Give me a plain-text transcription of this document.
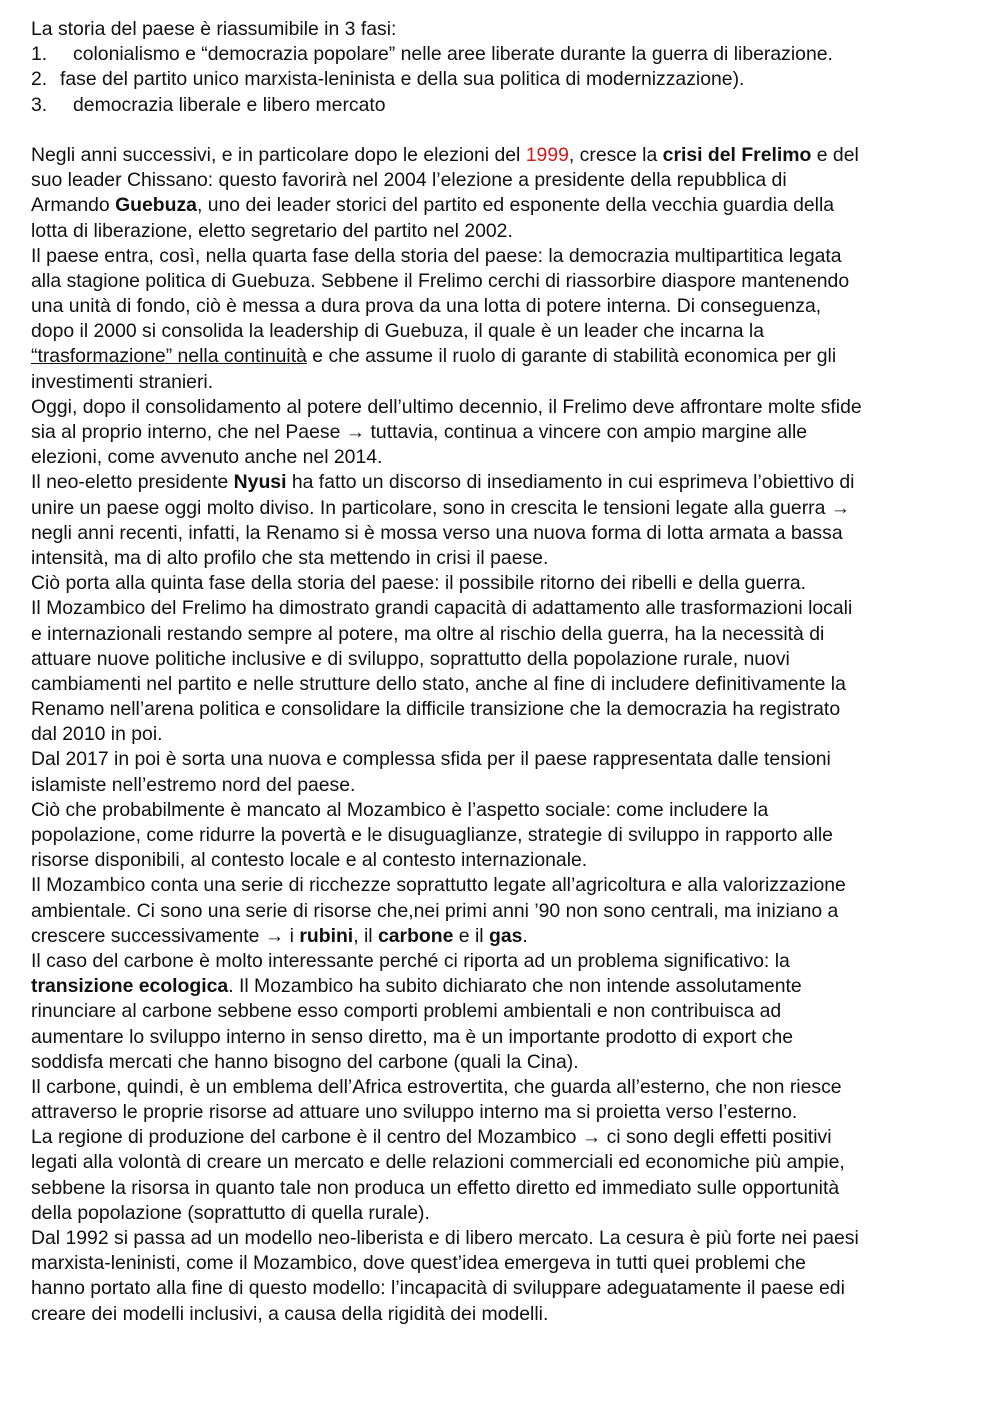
La storia del paese è riassumibile in 3 fasi:
1. colonialismo e “democrazia popolare” nelle aree liberate durante la guerra di liberazione.
2. fase del partito unico marxista-leninista e della sua politica di modernizzazione).
3. democrazia liberale e libero mercato
Negli anni successivi, e in particolare dopo le elezioni del 1999, cresce la crisi del Frelimo e del
suo leader Chissano: questo favorirà nel 2004 l’elezione a presidente della repubblica di
Armando Guebuza, uno dei leader storici del partito ed esponente della vecchia guardia della
lotta di liberazione, eletto segretario del partito nel 2002.
Il paese entra, così, nella quarta fase della storia del paese: la democrazia multipartitica legata
alla stagione politica di Guebuza. Sebbene il Frelimo cerchi di riassorbire diaspore mantenendo
una unità di fondo, ciò è messa a dura prova da una lotta di potere interna. Di conseguenza,
dopo il 2000 si consolida la leadership di Guebuza, il quale è un leader che incarna la
“trasformazione” nella continuità e che assume il ruolo di garante di stabilità economica per gli
investimenti stranieri.
Oggi, dopo il consolidamento al potere dell’ultimo decennio, il Frelimo deve affrontare molte sfide
sia al proprio interno, che nel Paese → tuttavia, continua a vincere con ampio margine alle
elezioni, come avvenuto anche nel 2014.
Il neo-eletto presidente Nyusi ha fatto un discorso di insediamento in cui esprimeva l’obiettivo di
unire un paese oggi molto diviso. In particolare, sono in crescita le tensioni legate alla guerra →
negli anni recenti, infatti, la Renamo si è mossa verso una nuova forma di lotta armata a bassa
intensità, ma di alto profilo che sta mettendo in crisi il paese.
Ciò porta alla quinta fase della storia del paese: il possibile ritorno dei ribelli e della guerra.
Il Mozambico del Frelimo ha dimostrato grandi capacità di adattamento alle trasformazioni locali
e internazionali restando sempre al potere, ma oltre al rischio della guerra, ha la necessità di
attuare nuove politiche inclusive e di sviluppo, soprattutto della popolazione rurale, nuovi
cambiamenti nel partito e nelle strutture dello stato, anche al fine di includere definitivamente la
Renamo nell’arena politica e consolidare la difficile transizione che la democrazia ha registrato
dal 2010 in poi.
Dal 2017 in poi è sorta una nuova e complessa sfida per il paese rappresentata dalle tensioni
islamiste nell’estremo nord del paese.
Ciò che probabilmente è mancato al Mozambico è l’aspetto sociale: come includere la
popolazione, come ridurre la povertà e le disuguaglianze, strategie di sviluppo in rapporto alle
risorse disponibili, al contesto locale e al contesto internazionale.
Il Mozambico conta una serie di ricchezze soprattutto legate all’agricoltura e alla valorizzazione
ambientale. Ci sono una serie di risorse che,nei primi anni ’90 non sono centrali, ma iniziano a
crescere successivamente → i rubini, il carbone e il gas.
Il caso del carbone è molto interessante perché ci riporta ad un problema significativo: la
transizione ecologica. Il Mozambico ha subito dichiarato che non intende assolutamente
rinunciare al carbone sebbene esso comporti problemi ambientali e non contribuisca ad
aumentare lo sviluppo interno in senso diretto, ma è un importante prodotto di export che
soddisfa mercati che hanno bisogno del carbone (quali la Cina).
Il carbone, quindi, è un emblema dell’Africa estrovertita, che guarda all’esterno, che non riesce
attraverso le proprie risorse ad attuare uno sviluppo interno ma si proietta verso l’esterno.
La regione di produzione del carbone è il centro del Mozambico → ci sono degli effetti positivi
legati alla volontà di creare un mercato e delle relazioni commerciali ed economiche più ampie,
sebbene la risorsa in quanto tale non produca un effetto diretto ed immediato sulle opportunità
della popolazione (soprattutto di quella rurale).
Dal 1992 si passa ad un modello neo-liberista e di libero mercato. La cesura è più forte nei paesi
marxista-leninisti, come il Mozambico, dove quest’idea emergeva in tutti quei problemi che
hanno portato alla fine di questo modello: l’incapacità di sviluppare adeguatamente il paese edi
creare dei modelli inclusivi, a causa della rigidità dei modelli.
